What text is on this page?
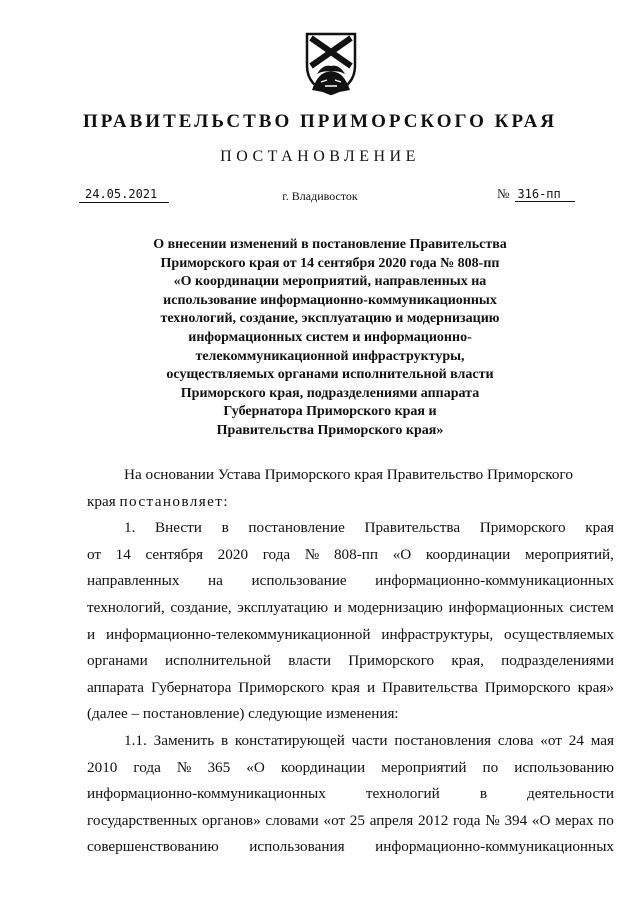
ПРАВИТЕЛЬСТВО ПРИМОРСКОГО КРАЯ
ПОСТАНОВЛЕНИЕ
24.05.2021	г. Владивосток	№ 316-пп
О внесении изменений в постановление Правительства
Приморского края от 14 сентября 2020 года № 808-пп
«О координации мероприятий, направленных на
использование информационно-коммуникационных
технологий, создание, эксплуатацию и модернизацию
информационных систем и информационно-
телекоммуникационной инфраструктуры,
осуществляемых органами исполнительной власти
Приморского края, подразделениями аппарата
Губернатора Приморского края и
Правительства Приморского края»
На основании Устава Приморского края Правительство Приморского
края постановляет:
1. Внести в постановление Правительства Приморского края
от 14 сентября 2020 года № 808-пп «О координации мероприятий,
направленных на использование информационно-коммуникационных
технологий, создание, эксплуатацию и модернизацию информационных систем
и информационно-телекоммуникационной инфраструктуры, осуществляемых
органами исполнительной власти Приморского края, подразделениями
аппарата Губернатора Приморского края и Правительства Приморского края»
(далее – постановление) следующие изменения:
1.1. Заменить в констатирующей части постановления слова «от 24 мая
2010 года № 365 «О координации мероприятий по использованию
информационно-коммуникационных	технологий	в	деятельности
государственных органов» словами «от 25 апреля 2012 года № 394 «О мерах по
совершенствованию использования информационно-коммуникационных
